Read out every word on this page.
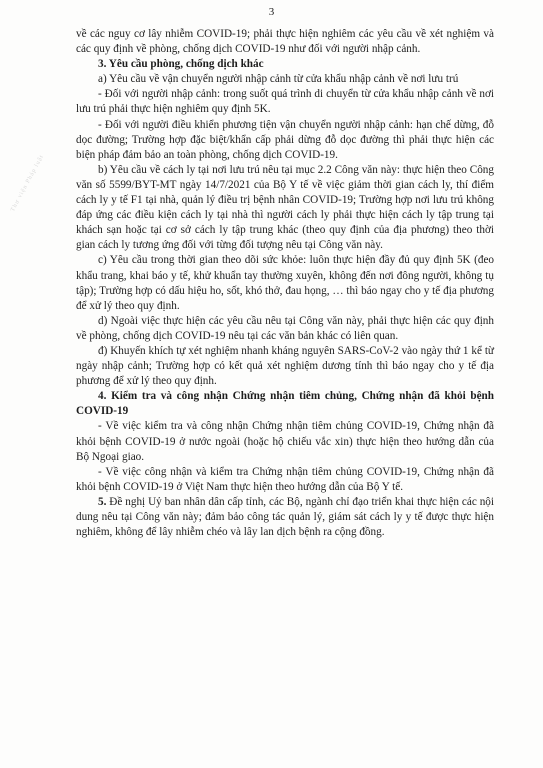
3
Thư viện Pháp luật

về các nguy cơ lây nhiễm COVID-19; phải thực hiện nghiêm các yêu cầu về xét nghiệm và các quy định về phòng, chống dịch COVID-19 như đối với người nhập cảnh.

3. Yêu cầu phòng, chống dịch khác

a) Yêu cầu về vận chuyển người nhập cảnh từ cửa khẩu nhập cảnh về nơi lưu trú

- Đối với người nhập cảnh: trong suốt quá trình di chuyển từ cửa khẩu nhập cảnh về nơi lưu trú phải thực hiện nghiêm quy định 5K.

- Đối với người điều khiển phương tiện vận chuyển người nhập cảnh: hạn chế dừng, đỗ dọc đường; Trường hợp đặc biệt/khẩn cấp phải dừng đỗ dọc đường thì phải thực hiện các biện pháp đảm bảo an toàn phòng, chống dịch COVID-19.

b) Yêu cầu về cách ly tại nơi lưu trú nêu tại mục 2.2 Công văn này: thực hiện theo Công văn số 5599/BYT-MT ngày 14/7/2021 của Bộ Y tế về việc giảm thời gian cách ly, thí điểm cách ly y tế F1 tại nhà, quản lý điều trị bệnh nhân COVID-19; Trường hợp nơi lưu trú không đáp ứng các điều kiện cách ly tại nhà thì người cách ly phải thực hiện cách ly tập trung tại khách sạn hoặc tại cơ sở cách ly tập trung khác (theo quy định của địa phương) theo thời gian cách ly tương ứng đối với từng đối tượng nêu tại Công văn này.

c) Yêu cầu trong thời gian theo dõi sức khỏe: luôn thực hiện đầy đủ quy định 5K (đeo khẩu trang, khai báo y tế, khử khuẩn tay thường xuyên, không đến nơi đông người, không tụ tập); Trường hợp có dấu hiệu ho, sốt, khó thở, đau họng, … thì báo ngay cho y tế địa phương để xử lý theo quy định.

d) Ngoài việc thực hiện các yêu cầu nêu tại Công văn này, phải thực hiện các quy định về phòng, chống dịch COVID-19 nêu tại các văn bản khác có liên quan.

đ) Khuyến khích tự xét nghiệm nhanh kháng nguyên SARS-CoV-2 vào ngày thứ 1 kể từ ngày nhập cảnh; Trường hợp có kết quả xét nghiệm dương tính thì báo ngay cho y tế địa phương để xử lý theo quy định.

4. Kiểm tra và công nhận Chứng nhận tiêm chủng, Chứng nhận đã khỏi bệnh COVID-19

- Về việc kiểm tra và công nhận Chứng nhận tiêm chủng COVID-19, Chứng nhận đã khỏi bệnh COVID-19 ở nước ngoài (hoặc hộ chiếu vắc xin) thực hiện theo hướng dẫn của Bộ Ngoại giao.

- Về việc công nhận và kiểm tra Chứng nhận tiêm chủng COVID-19, Chứng nhận đã khỏi bệnh COVID-19 ở Việt Nam thực hiện theo hướng dẫn của Bộ Y tế.

5. Đề nghị Uỷ ban nhân dân cấp tỉnh, các Bộ, ngành chỉ đạo triển khai thực hiện các nội dung nêu tại Công văn này; đảm bảo công tác quản lý, giám sát cách ly y tế được thực hiện nghiêm, không để lây nhiễm chéo và lây lan dịch bệnh ra cộng đồng.
